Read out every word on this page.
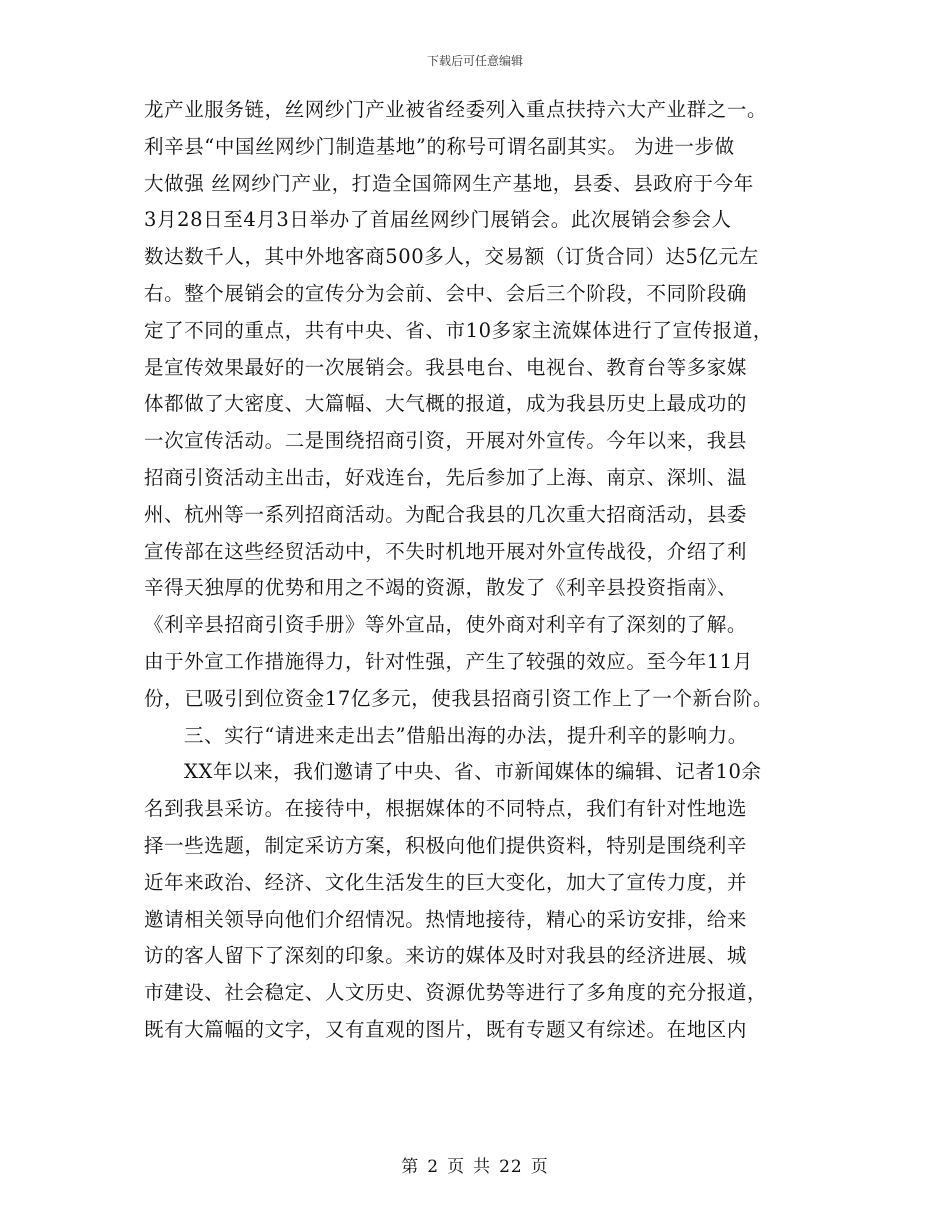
下载后可任意编辑
龙产业服务链，丝网纱门产业被省经委列入重点扶持六大产业群之一。
利辛县“中国丝网纱门制造基地”的称号可谓名副其实。 为进一步做
大做强 丝网纱门产业，打造全国筛网生产基地，县委、县政府于今年
3月28日至4月3日举办了首届丝网纱门展销会。此次展销会参会人
数达数千人，其中外地客商500多人，交易额（订货合同）达5亿元左
右。整个展销会的宣传分为会前、会中、会后三个阶段，不同阶段确
定了不同的重点，共有中央、省、市10多家主流媒体进行了宣传报道，
是宣传效果最好的一次展销会。我县电台、电视台、教育台等多家媒
体都做了大密度、大篇幅、大气概的报道，成为我县历史上最成功的
一次宣传活动。二是围绕招商引资，开展对外宣传。今年以来，我县
招商引资活动主出击，好戏连台，先后参加了上海、南京、深圳、温
州、杭州等一系列招商活动。为配合我县的几次重大招商活动，县委
宣传部在这些经贸活动中，不失时机地开展对外宣传战役，介绍了利
辛得天独厚的优势和用之不竭的资源，散发了《利辛县投资指南》、
《利辛县招商引资手册》等外宣品，使外商对利辛有了深刻的了解。
由于外宣工作措施得力，针对性强，产生了较强的效应。至今年11月
份，已吸引到位资金17亿多元，使我县招商引资工作上了一个新台阶。
三、实行“请进来走出去”借船出海的办法，提升利辛的影响力。
XX年以来，我们邀请了中央、省、市新闻媒体的编辑、记者10余
名到我县采访。在接待中，根据媒体的不同特点，我们有针对性地选
择一些选题，制定采访方案，积极向他们提供资料，特别是围绕利辛
近年来政治、经济、文化生活发生的巨大变化，加大了宣传力度，并
邀请相关领导向他们介绍情况。热情地接待，精心的采访安排，给来
访的客人留下了深刻的印象。来访的媒体及时对我县的经济进展、城
市建设、社会稳定、人文历史、资源优势等进行了多角度的充分报道，
既有大篇幅的文字，又有直观的图片，既有专题又有综述。在地区内
第 2 页 共 22 页
